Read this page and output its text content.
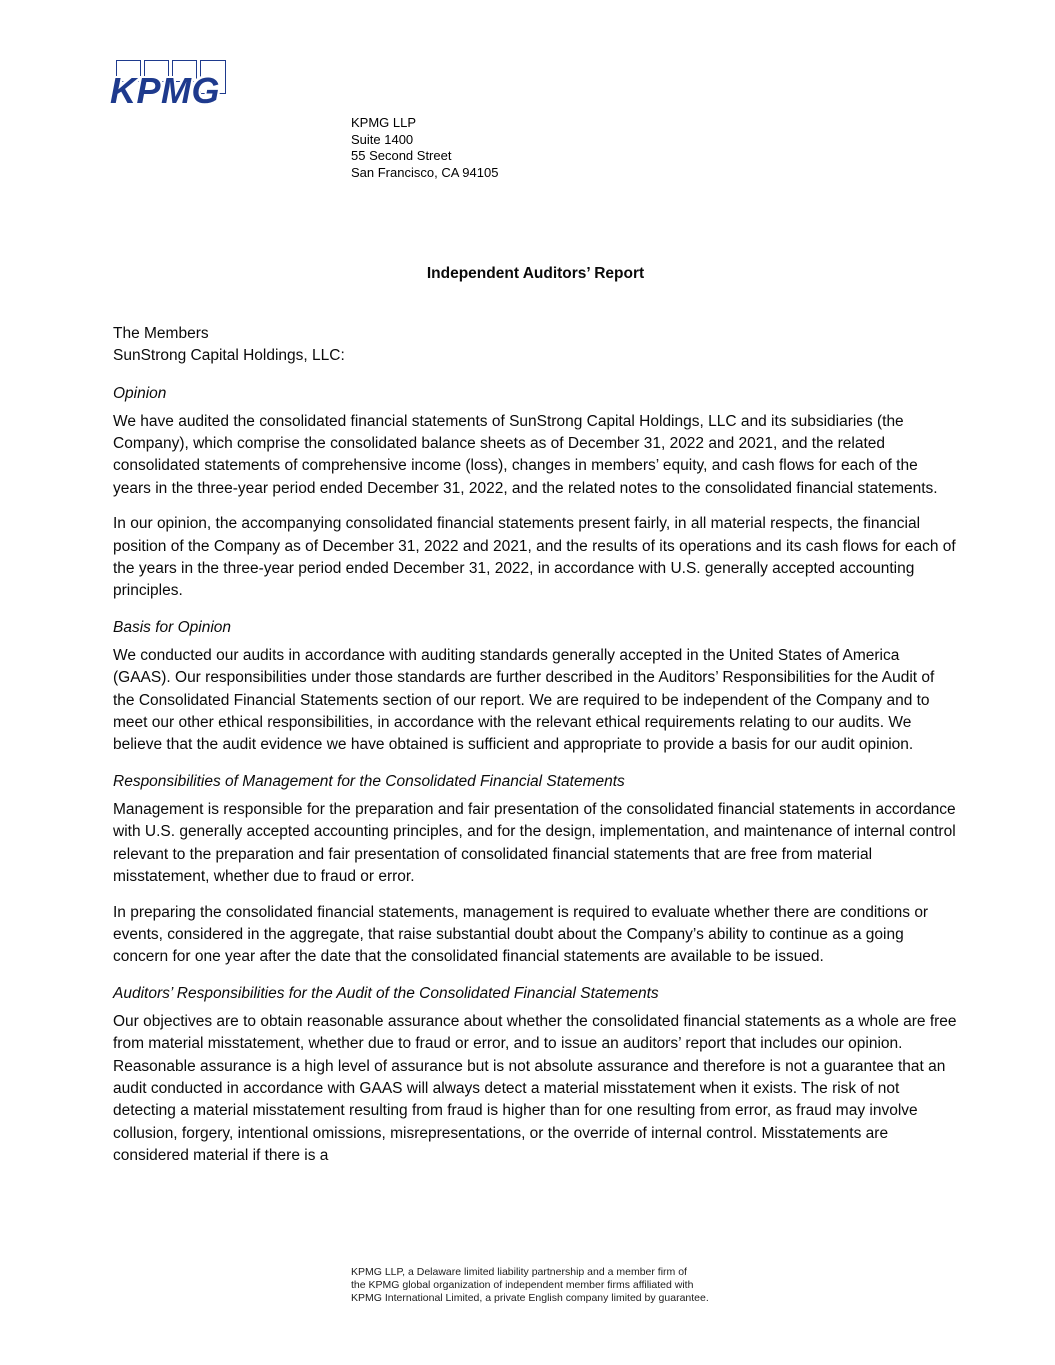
KPMG
KPMG LLP
Suite 1400
55 Second Street
San Francisco, CA 94105
Independent Auditors’ Report
The Members
SunStrong Capital Holdings, LLC:
Opinion

We have audited the consolidated financial statements of SunStrong Capital Holdings, LLC and its subsidiaries (the Company), which comprise the consolidated balance sheets as of December 31, 2022 and 2021, and the related consolidated statements of comprehensive income (loss), changes in members’ equity, and cash flows for each of the years in the three-year period ended December 31, 2022, and the related notes to the consolidated financial statements.

In our opinion, the accompanying consolidated financial statements present fairly, in all material respects, the financial position of the Company as of December 31, 2022 and 2021, and the results of its operations and its cash flows for each of the years in the three-year period ended December 31, 2022, in accordance with U.S. generally accepted accounting principles.

Basis for Opinion

We conducted our audits in accordance with auditing standards generally accepted in the United States of America (GAAS). Our responsibilities under those standards are further described in the Auditors’ Responsibilities for the Audit of the Consolidated Financial Statements section of our report. We are required to be independent of the Company and to meet our other ethical responsibilities, in accordance with the relevant ethical requirements relating to our audits. We believe that the audit evidence we have obtained is sufficient and appropriate to provide a basis for our audit opinion.

Responsibilities of Management for the Consolidated Financial Statements

Management is responsible for the preparation and fair presentation of the consolidated financial statements in accordance with U.S. generally accepted accounting principles, and for the design, implementation, and maintenance of internal control relevant to the preparation and fair presentation of consolidated financial statements that are free from material misstatement, whether due to fraud or error.

In preparing the consolidated financial statements, management is required to evaluate whether there are conditions or events, considered in the aggregate, that raise substantial doubt about the Company’s ability to continue as a going concern for one year after the date that the consolidated financial statements are available to be issued.

Auditors’ Responsibilities for the Audit of the Consolidated Financial Statements

Our objectives are to obtain reasonable assurance about whether the consolidated financial statements as a whole are free from material misstatement, whether due to fraud or error, and to issue an auditors’ report that includes our opinion. Reasonable assurance is a high level of assurance but is not absolute assurance and therefore is not a guarantee that an audit conducted in accordance with GAAS will always detect a material misstatement when it exists. The risk of not detecting a material misstatement resulting from fraud is higher than for one resulting from error, as fraud may involve collusion, forgery, intentional omissions, misrepresentations, or the override of internal control. Misstatements are considered material if there is a

KPMG LLP, a Delaware limited liability partnership and a member firm of
the KPMG global organization of independent member firms affiliated with
KPMG International Limited, a private English company limited by guarantee.
